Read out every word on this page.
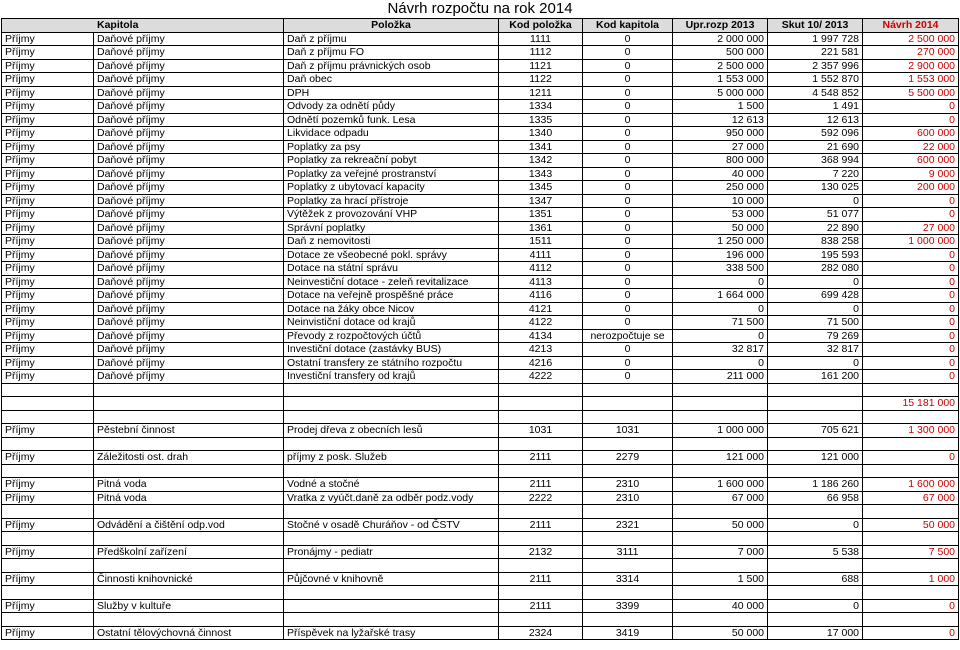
Návrh rozpočtu na rok 2014
Kapitola		Položka	Kod položka	Kod kapitola	Upr.rozp 2013	Skut 10/ 2013	Návrh 2014
Příjmy	Daňové příjmy	Daň z příjmu	1111	0	2 000 000	1 997 728	2 500 000
Příjmy	Daňové příjmy	Daň z příjmu FO	1112	0	500 000	221 581	270 000
Příjmy	Daňové příjmy	Daň z příjmu právnických osob	1121	0	2 500 000	2 357 996	2 900 000
Příjmy	Daňové příjmy	Daň obec	1122	0	1 553 000	1 552 870	1 553 000
Příjmy	Daňové příjmy	DPH	1211	0	5 000 000	4 548 852	5 500 000
Příjmy	Daňové příjmy	Odvody za odnětí půdy	1334	0	1 500	1 491	0
Příjmy	Daňové příjmy	Odnětí pozemků funk. Lesa	1335	0	12 613	12 613	0
Příjmy	Daňové příjmy	Likvidace odpadu	1340	0	950 000	592 096	600 000
Příjmy	Daňové příjmy	Poplatky za psy	1341	0	27 000	21 690	22 000
Příjmy	Daňové příjmy	Poplatky za rekreační pobyt	1342	0	800 000	368 994	600 000
Příjmy	Daňové příjmy	Poplatky za veřejné prostranství	1343	0	40 000	7 220	9 000
Příjmy	Daňové příjmy	Poplatky z ubytovací kapacity	1345	0	250 000	130 025	200 000
Příjmy	Daňové příjmy	Poplatky za hrací přístroje	1347	0	10 000	0	0
Příjmy	Daňové příjmy	Výtěžek z provozování VHP	1351	0	53 000	51 077	0
Příjmy	Daňové příjmy	Správní poplatky	1361	0	50 000	22 890	27 000
Příjmy	Daňové příjmy	Daň z nemovitosti	1511	0	1 250 000	838 258	1 000 000
Příjmy	Daňové příjmy	Dotace ze všeobecné pokl. správy	4111	0	196 000	195 593	0
Příjmy	Daňové příjmy	Dotace na státní správu	4112	0	338 500	282 080	0
Příjmy	Daňové příjmy	Neinvestiční dotace - zeleň revitalizace	4113	0	0	0	0
Příjmy	Daňové příjmy	Dotace na veřejně prospěšné práce	4116	0	1 664 000	699 428	0
Příjmy	Daňové příjmy	Dotace na žáky obce Nicov	4121	0	0	0	0
Příjmy	Daňové příjmy	Neinvističní dotace od krajů	4122	0	71 500	71 500	0
Příjmy	Daňové příjmy	Převody z rozpočtových účtů	4134	nerozpočtuje se	0	79 269	0
Příjmy	Daňové příjmy	Investiční dotace (zastávky BUS)	4213	0	32 817	32 817	0
Příjmy	Daňové příjmy	Ostatní transfery ze státního rozpočtu	4216	0	0	0	0
Příjmy	Daňové příjmy	Investiční transfery od krajů	4222	0	211 000	161 200	0

							15 181 000

Příjmy	Pěstební činnost	Prodej dřeva z obecních lesů	1031	1031	1 000 000	705 621	1 300 000

Příjmy	Záležitosti ost. drah	příjmy z posk. Služeb	2111	2279	121 000	121 000	0

Příjmy	Pitná voda	Vodné a stočné	2111	2310	1 600 000	1 186 260	1 600 000
Příjmy	Pitná voda	Vratka z vyúčt.daně za odběr podz.vody	2222	2310	67 000	66 958	67 000

Příjmy	Odvádění a čištění odp.vod	Stočné v osadě Churáňov - od ČSTV	2111	2321	50 000	0	50 000

Příjmy	Předškolní zařízení	Pronájmy - pediatr	2132	3111	7 000	5 538	7 500

Příjmy	Činnosti knihovnické	Půjčovné v knihovně	2111	3314	1 500	688	1 000

Příjmy	Služby v kultuře		2111	3399	40 000	0	0

Příjmy	Ostatní tělovýchovná činnost	Příspěvek na lyžařské trasy	2324	3419	50 000	17 000	0
